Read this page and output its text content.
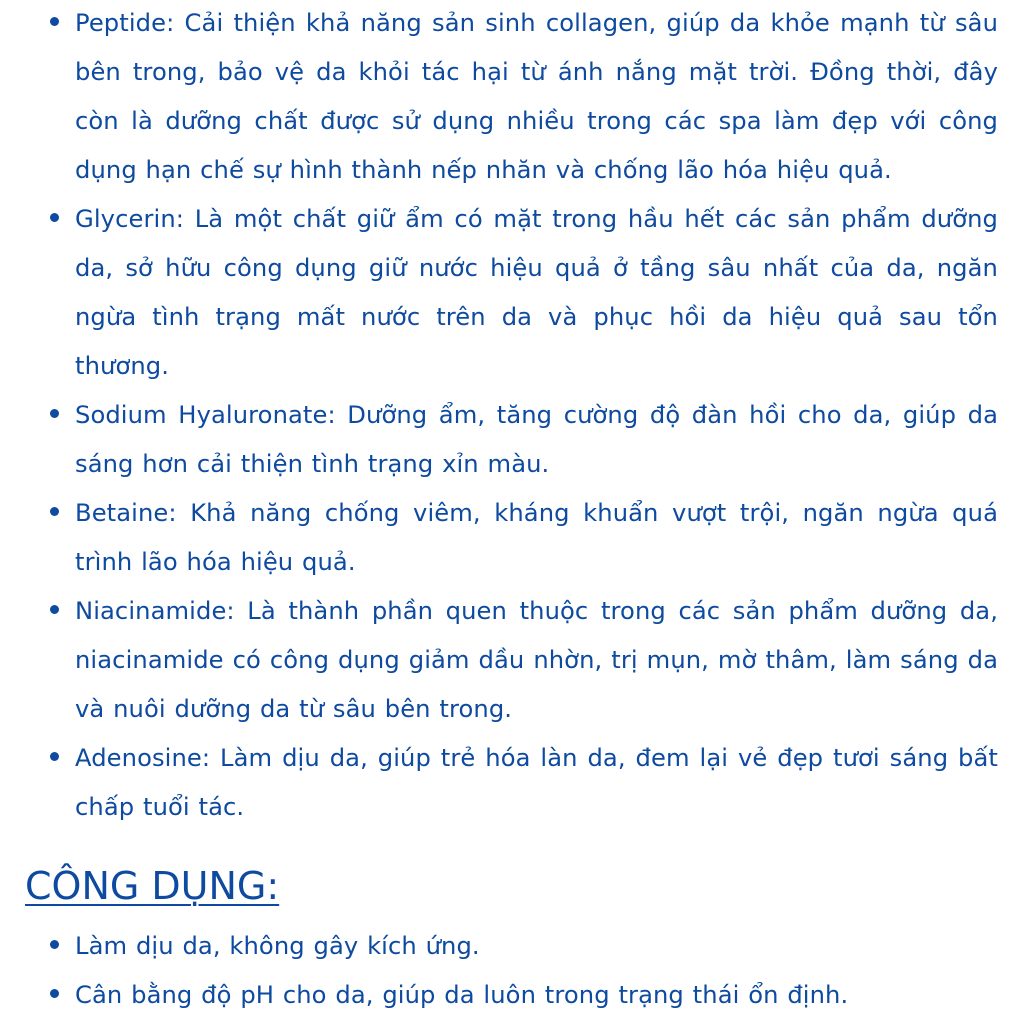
Peptide: Cải thiện khả năng sản sinh collagen, giúp da khỏe mạnh từ sâu bên trong, bảo vệ da khỏi tác hại từ ánh nắng mặt trời. Đồng thời, đây còn là dưỡng chất được sử dụng nhiều trong các spa làm đẹp với công dụng hạn chế sự hình thành nếp nhăn và chống lão hóa hiệu quả.
Glycerin: Là một chất giữ ẩm có mặt trong hầu hết các sản phẩm dưỡng da, sở hữu công dụng giữ nước hiệu quả ở tầng sâu nhất của da, ngăn ngừa tình trạng mất nước trên da và phục hồi da hiệu quả sau tổn thương.
Sodium Hyaluronate: Dưỡng ẩm, tăng cường độ đàn hồi cho da, giúp da sáng hơn cải thiện tình trạng xỉn màu.
Betaine: Khả năng chống viêm, kháng khuẩn vượt trội, ngăn ngừa quá trình lão hóa hiệu quả.
Niacinamide: Là thành phần quen thuộc trong các sản phẩm dưỡng da, niacinamide có công dụng giảm dầu nhờn, trị mụn, mờ thâm, làm sáng da và nuôi dưỡng da từ sâu bên trong.
Adenosine: Làm dịu da, giúp trẻ hóa làn da, đem lại vẻ đẹp tươi sáng bất chấp tuổi tác.
CÔNG DỤNG:
Làm dịu da, không gây kích ứng.
Cân bằng độ pH cho da, giúp da luôn trong trạng thái ổn định.
